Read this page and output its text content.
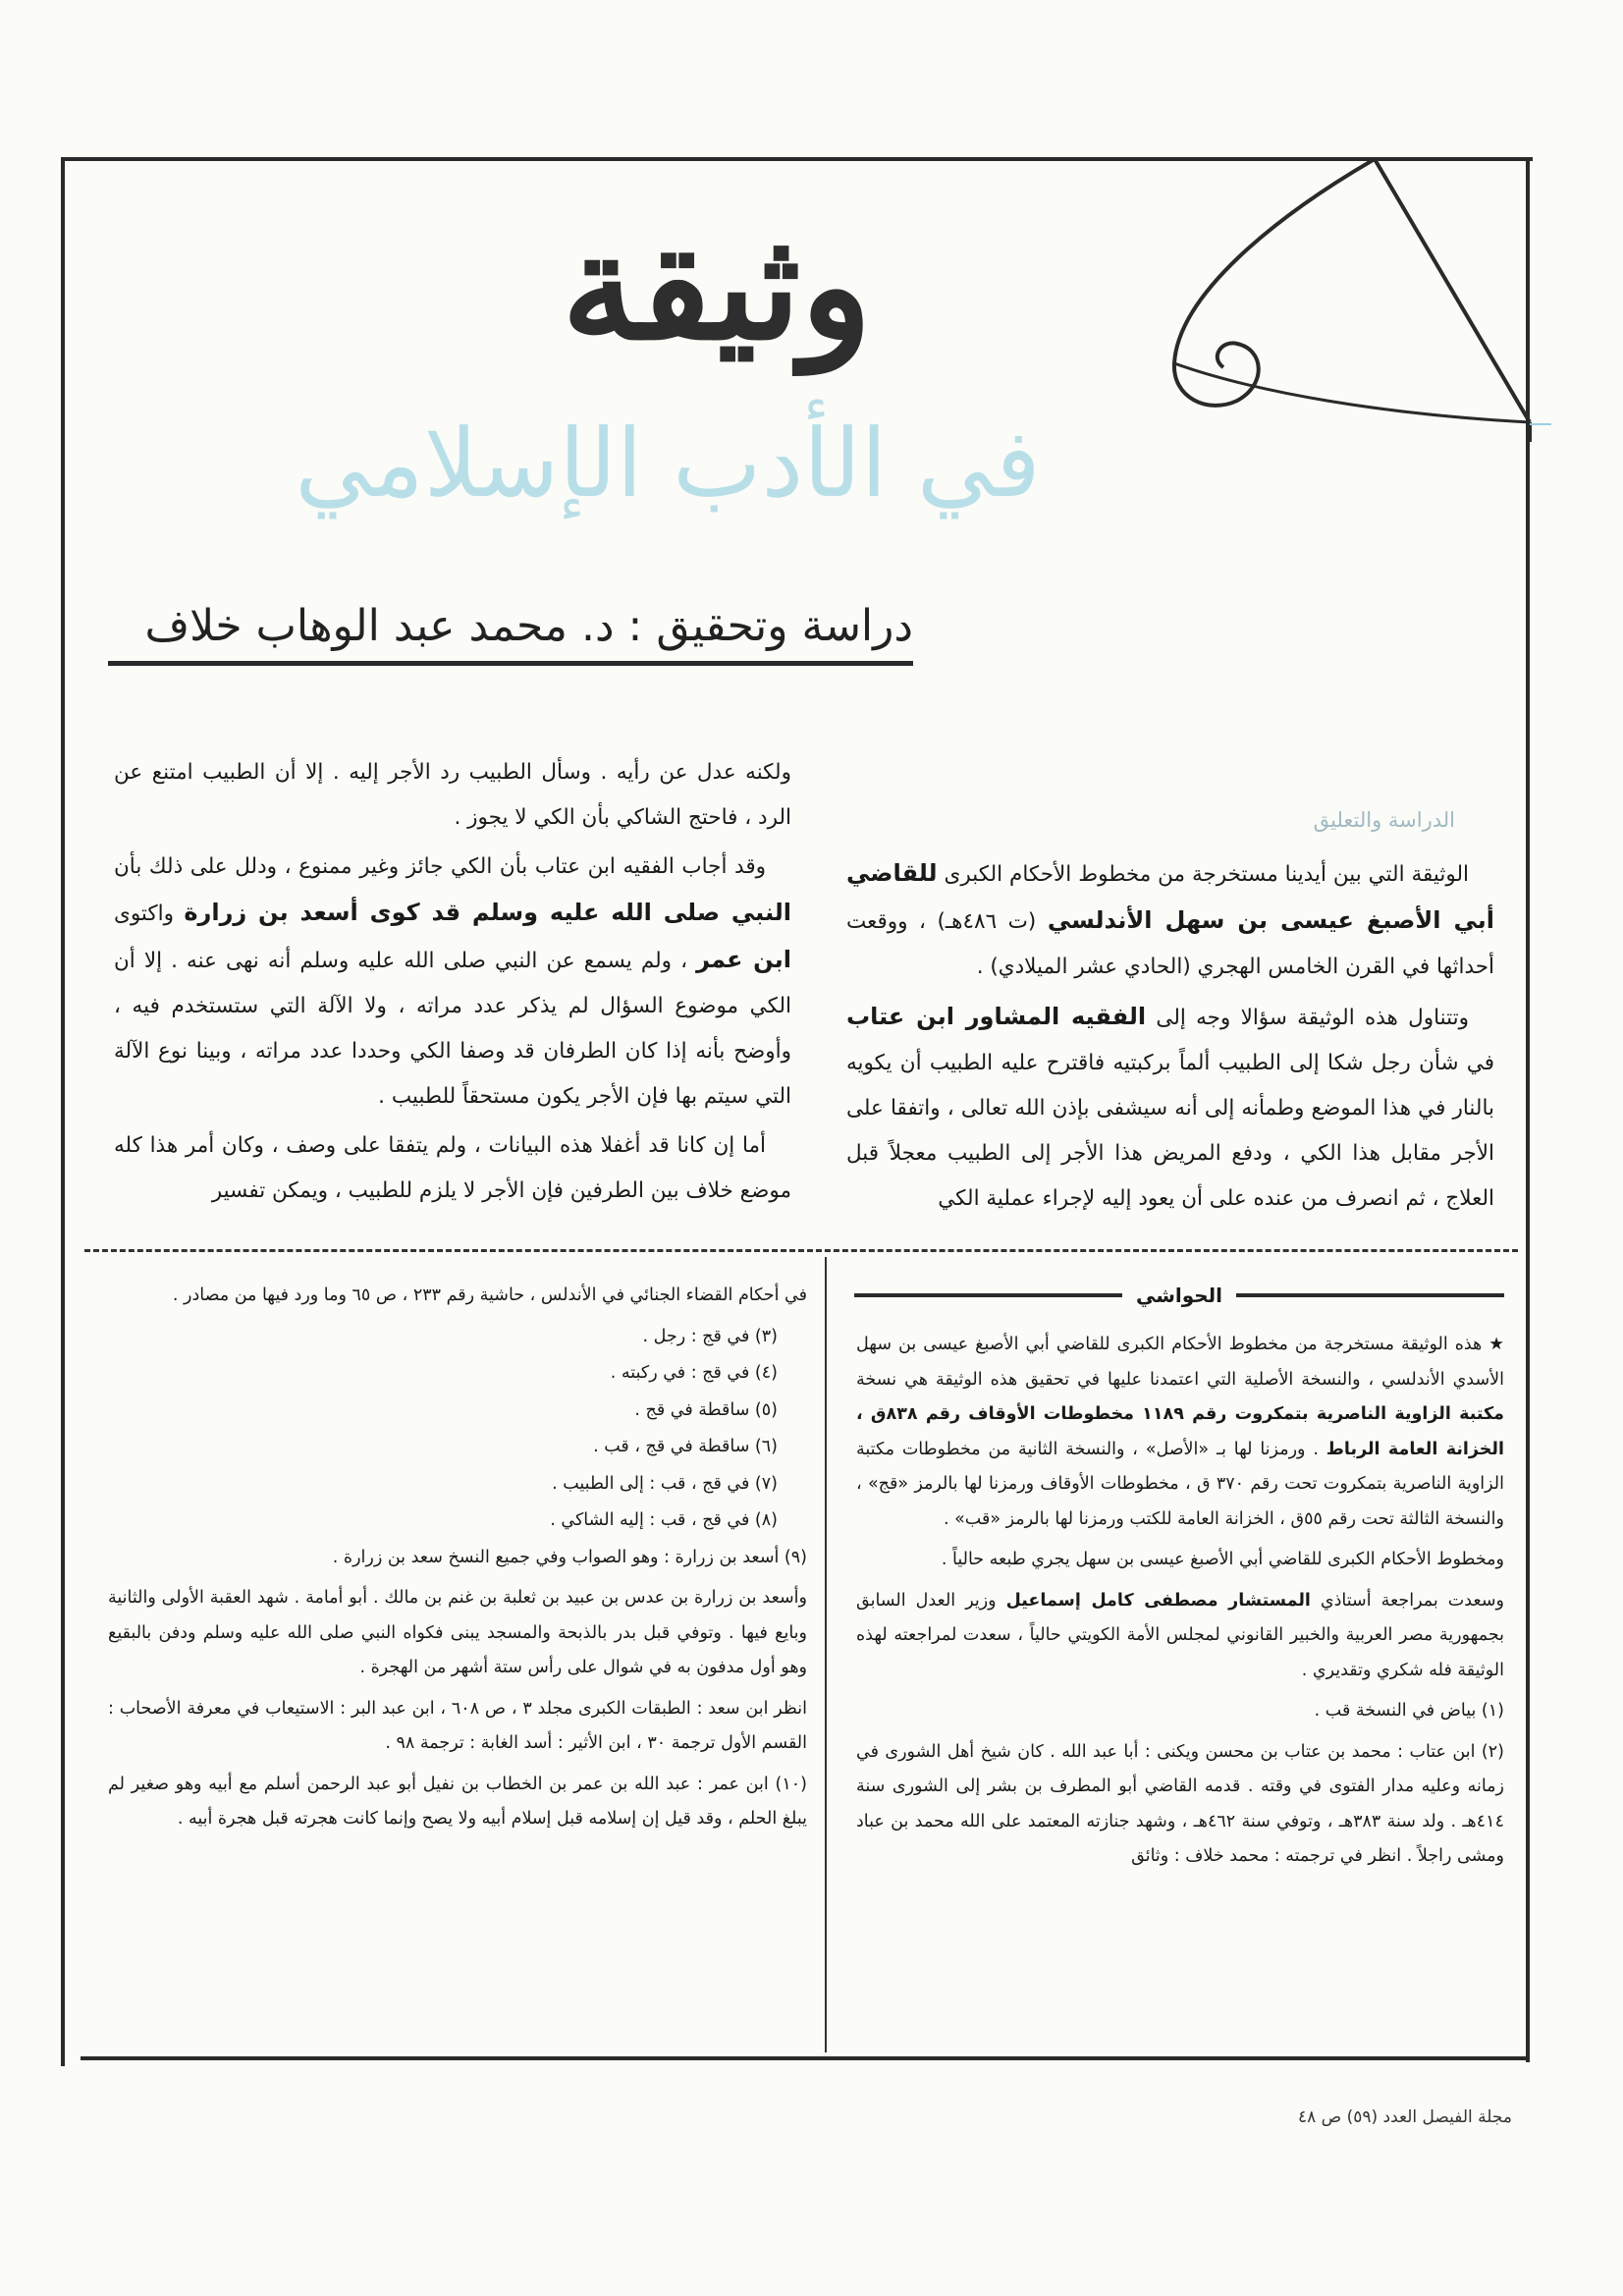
وثيقة
في الأدب الإسلامي
دراسة وتحقيق : د. محمد عبد الوهاب خلاف
الدراسة والتعليق

الوثيقة التي بين أيدينا مستخرجة من مخطوط الأحكام الكبرى للقاضي أبي الأصبغ عيسى بن سهل الأندلسي (ت ٤٨٦هـ) ، ووقعت أحداثها في القرن الخامس الهجري (الحادي عشر الميلادي) .

وتتناول هذه الوثيقة سؤالا وجه إلى الفقيه المشاور ابن عتاب في شأن رجل شكا إلى الطبيب ألماً بركبتيه فاقترح عليه الطبيب أن يكويه بالنار في هذا الموضع وطمأنه إلى أنه سيشفى بإذن الله تعالى ، واتفقا على الأجر مقابل هذا الكي ، ودفع المريض هذا الأجر إلى الطبيب معجلاً قبل العلاج ، ثم انصرف من عنده على أن يعود إليه لإجراء عملية الكي

ولكنه عدل عن رأيه . وسأل الطبيب رد الأجر إليه . إلا أن الطبيب امتنع عن الرد ، فاحتج الشاكي بأن الكي لا يجوز .

وقد أجاب الفقيه ابن عتاب بأن الكي جائز وغير ممنوع ، ودلل على ذلك بأن النبي صلى الله عليه وسلم قد كوى أسعد بن زرارة واكتوى ابن عمر ، ولم يسمع عن النبي صلى الله عليه وسلم أنه نهى عنه . إلا أن الكي موضوع السؤال لم يذكر عدد مراته ، ولا الآلة التي ستستخدم فيه ، وأوضح بأنه إذا كان الطرفان قد وصفا الكي وحددا عدد مراته ، وبينا نوع الآلة التي سيتم بها فإن الأجر يكون مستحقاً للطبيب .

أما إن كانا قد أغفلا هذه البيانات ، ولم يتفقا على وصف ، وكان أمر هذا كله موضع خلاف بين الطرفين فإن الأجر لا يلزم للطبيب ، ويمكن تفسير

الحواشي

★ هذه الوثيقة مستخرجة من مخطوط الأحكام الكبرى للقاضي أبي الأصبغ عيسى بن سهل الأسدي الأندلسي ، والنسخة الأصلية التي اعتمدنا عليها في تحقيق هذه الوثيقة هي نسخة مكتبة الزاوية الناصرية بتمكروت رقم ١١٨٩ مخطوطات الأوقاف رقم ٨٣٨ق ، الخزانة العامة الرباط . ورمزنا لها بـ «الأصل» ، والنسخة الثانية من مخطوطات مكتبة الزاوية الناصرية بتمكروت تحت رقم ٣٧٠ ق ، مخطوطات الأوقاف ورمزنا لها بالرمز «قج» ، والنسخة الثالثة تحت رقم ٥٥ق ، الخزانة العامة للكتب ورمزنا لها بالرمز «قب» .

ومخطوط الأحكام الكبرى للقاضي أبي الأصبغ عيسى بن سهل يجري طبعه حالياً .

وسعدت بمراجعة أستاذي المستشار مصطفى كامل إسماعيل وزير العدل السابق بجمهورية مصر العربية والخبير القانوني لمجلس الأمة الكويتي حالياً ، سعدت لمراجعته لهذه الوثيقة فله شكري وتقديري .

(١) بياض في النسخة قب .

(٢) ابن عتاب : محمد بن عتاب بن محسن ويكنى : أبا عبد الله . كان شيخ أهل الشورى في زمانه وعليه مدار الفتوى في وقته . قدمه القاضي أبو المطرف بن بشر إلى الشورى سنة ٤١٤هـ . ولد سنة ٣٨٣هـ ، وتوفي سنة ٤٦٢هـ ، وشهد جنازته المعتمد على الله محمد بن عباد ومشى راجلاً . انظر في ترجمته : محمد خلاف : وثائق

في أحكام القضاء الجنائي في الأندلس ، حاشية رقم ٢٣٣ ، ص ٦٥ وما ورد فيها من مصادر .

(٣) في قج : رجل .

(٤) في قج : في ركبته .

(٥) ساقطة في قج .

(٦) ساقطة في قج ، قب .

(٧) في قج ، قب : إلى الطبيب .

(٨) في قج ، قب : إليه الشاكي .

(٩) أسعد بن زرارة : وهو الصواب وفي جميع النسخ سعد بن زرارة .

وأسعد بن زرارة بن عدس بن عبيد بن ثعلبة بن غنم بن مالك . أبو أمامة . شهد العقبة الأولى والثانية وبايع فيها . وتوفي قبل بدر بالذبحة والمسجد يبنى فكواه النبي صلى الله عليه وسلم ودفن بالبقيع وهو أول مدفون به في شوال على رأس ستة أشهر من الهجرة .

انظر ابن سعد : الطبقات الكبرى مجلد ٣ ، ص ٦٠٨ ، ابن عبد البر : الاستيعاب في معرفة الأصحاب : القسم الأول ترجمة ٣٠ ، ابن الأثير : أسد الغابة : ترجمة ٩٨ .

(١٠) ابن عمر : عبد الله بن عمر بن الخطاب بن نفيل أبو عبد الرحمن أسلم مع أبيه وهو صغير لم يبلغ الحلم ، وقد قيل إن إسلامه قبل إسلام أبيه ولا يصح وإنما كانت هجرته قبل هجرة أبيه .

مجلة الفيصل العدد (٥٩) ص ٤٨
